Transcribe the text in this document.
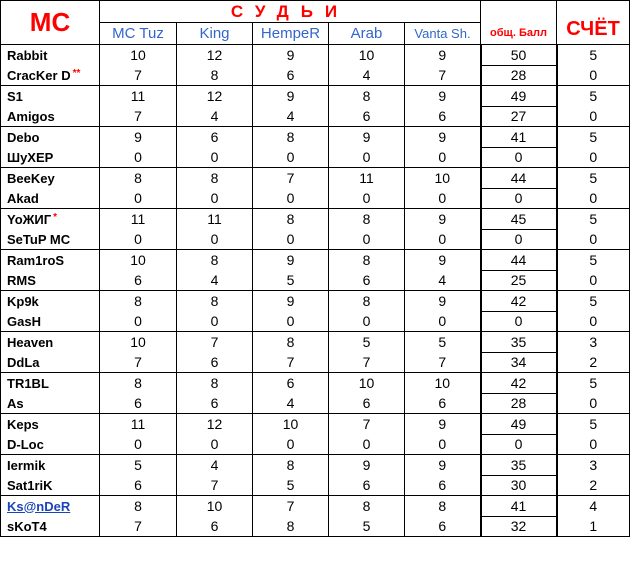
МС	СУДЬИ					общ. Балл	СЧЁТ
	MC Tuz	King	HempeR	Arab	Vanta Sh.		
Rabbit	10	12	9	10	9	50	5
CracKer D **	7	8	6	4	7	28	0
S1	11	12	9	8	9	49	5
Amigos	7	4	4	6	6	27	0
Debo	9	6	8	9	9	41	5
ШуХЕР	0	0	0	0	0	0	0
BeeKey	8	8	7	11	10	44	5
Akad	0	0	0	0	0	0	0
YoЖИГ *	11	11	8	8	9	45	5
SeTuP MC	0	0	0	0	0	0	0
Ram1roS	10	8	9	8	9	44	5
RMS	6	4	5	6	4	25	0
Kp9k	8	8	9	8	9	42	5
GasH	0	0	0	0	0	0	0
Heaven	10	7	8	5	5	35	3
DdLa	7	6	7	7	7	34	2
TR1BL	8	8	6	10	10	42	5
As	6	6	4	6	6	28	0
Keps	11	12	10	7	9	49	5
D-Loc	0	0	0	0	0	0	0
Iermik	5	4	8	9	9	35	3
Sat1riK	6	7	5	6	6	30	2
Ks@nDeR	8	10	7	8	8	41	4
sKoT4	7	6	8	5	6	32	1
